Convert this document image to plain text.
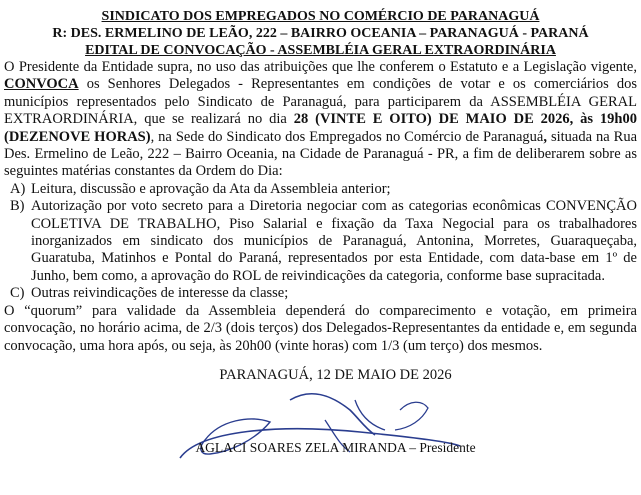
SINDICATO DOS EMPREGADOS NO COMÉRCIO DE PARANAGUÁ
R: DES. ERMELINO DE LEÃO, 222 – BAIRRO OCEANIA – PARANAGUÁ - PARANÁ
EDITAL DE CONVOCAÇÃO - ASSEMBLÉIA GERAL EXTRAORDINÁRIA

O Presidente da Entidade supra, no uso das atribuições que lhe conferem o Estatuto e a Legislação vigente, CONVOCA os Senhores Delegados - Representantes em condições de votar e os comerciários dos municípios representados pelo Sindicato de Paranaguá, para participarem da ASSEMBLÉIA GERAL EXTRAORDINÁRIA, que se realizará no dia 28 (VINTE E OITO) DE MAIO DE 2026, às 19h00 (DEZENOVE HORAS), na Sede do Sindicato dos Empregados no Comércio de Paranaguá, situada na Rua Des. Ermelino de Leão, 222 – Bairro Oceania, na Cidade de Paranaguá - PR, a fim de deliberarem sobre as seguintes matérias constantes da Ordem do Dia:

A) Leitura, discussão e aprovação da Ata da Assembleia anterior;
B) Autorização por voto secreto para a Diretoria negociar com as categorias econômicas CONVENÇÃO COLETIVA DE TRABALHO, Piso Salarial e fixação da Taxa Negocial para os trabalhadores inorganizados em sindicato dos municípios de Paranaguá, Antonina, Morretes, Guaraqueçaba, Guaratuba, Matinhos e Pontal do Paraná, representados por esta Entidade, com data-base em 1º de Junho, bem como, a aprovação do ROL de reivindicações da categoria, conforme base supracitada.
C) Outras reivindicações de interesse da classe;

O “quorum” para validade da Assembleia dependerá do comparecimento e votação, em primeira convocação, no horário acima, de 2/3 (dois terços) dos Delegados-Representantes da entidade e, em segunda convocação, uma hora após, ou seja, às 20h00 (vinte horas) com 1/3 (um terço) dos mesmos.

PARANAGUÁ, 12 DE MAIO DE 2026
AGLACI SOARES ZELA MIRANDA – Presidente
